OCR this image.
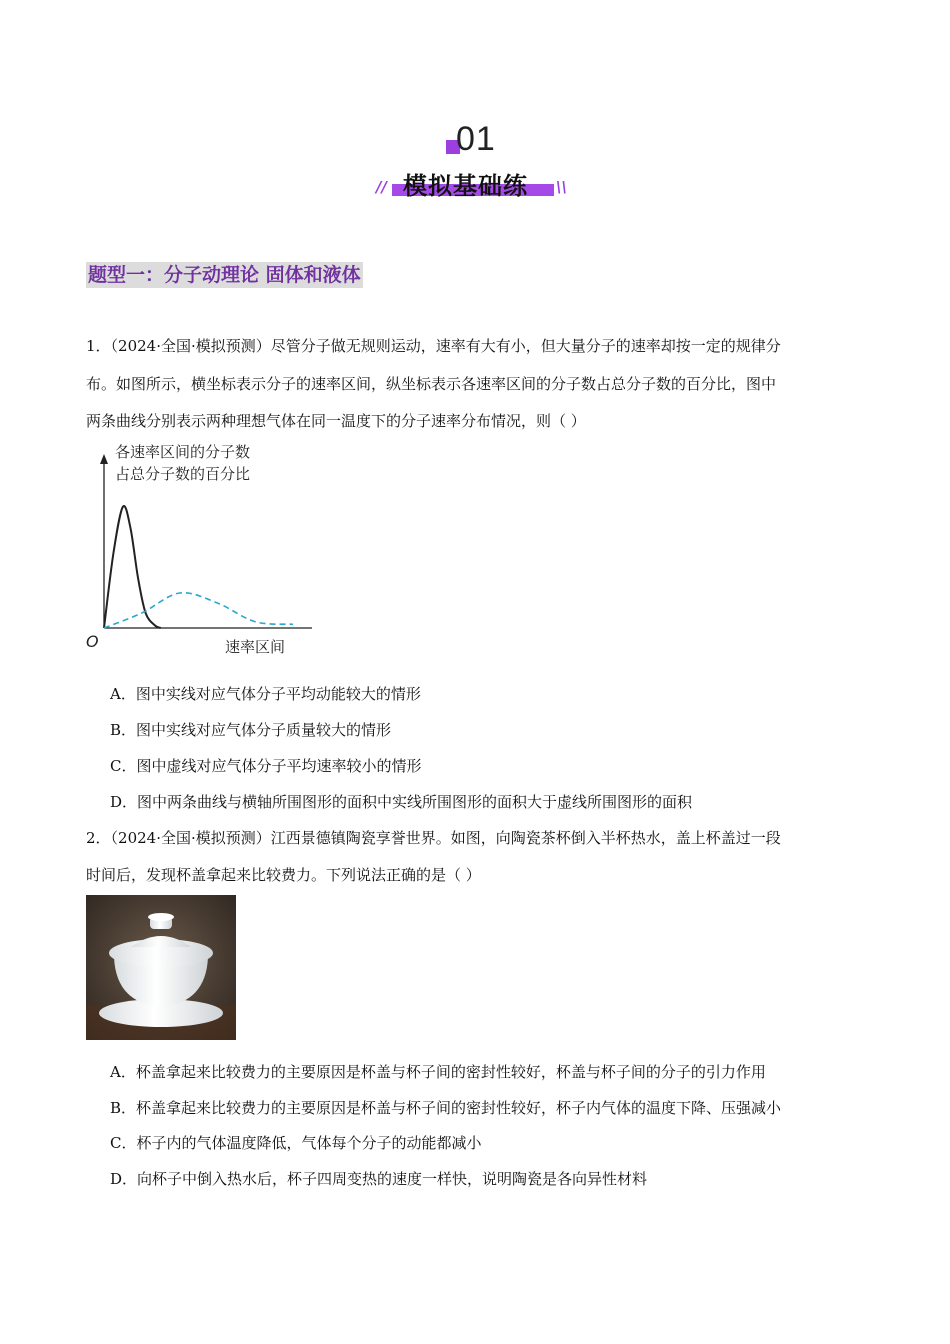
01
模拟基础练
//	\\
题型一：分子动理论 固体和液体
1．（2024·全国·模拟预测）尽管分子做无规则运动，速率有大有小，但大量分子的速率却按一定的规律分
布。如图所示，横坐标表示分子的速率区间，纵坐标表示各速率区间的分子数占总分子数的百分比，图中
两条曲线分别表示两种理想气体在同一温度下的分子速率分布情况，则（ ）
各速率区间的分子数
占总分子数的百分比
O	速率区间
A．图中实线对应气体分子平均动能较大的情形
B．图中实线对应气体分子质量较大的情形
C．图中虚线对应气体分子平均速率较小的情形
D．图中两条曲线与横轴所围图形的面积中实线所围图形的面积大于虚线所围图形的面积
2．（2024·全国·模拟预测）江西景德镇陶瓷享誉世界。如图，向陶瓷茶杯倒入半杯热水，盖上杯盖过一段
时间后，发现杯盖拿起来比较费力。下列说法正确的是（ ）
A．杯盖拿起来比较费力的主要原因是杯盖与杯子间的密封性较好，杯盖与杯子间的分子的引力作用
B．杯盖拿起来比较费力的主要原因是杯盖与杯子间的密封性较好，杯子内气体的温度下降、压强减小
C．杯子内的气体温度降低，气体每个分子的动能都减小
D．向杯子中倒入热水后，杯子四周变热的速度一样快，说明陶瓷是各向异性材料
